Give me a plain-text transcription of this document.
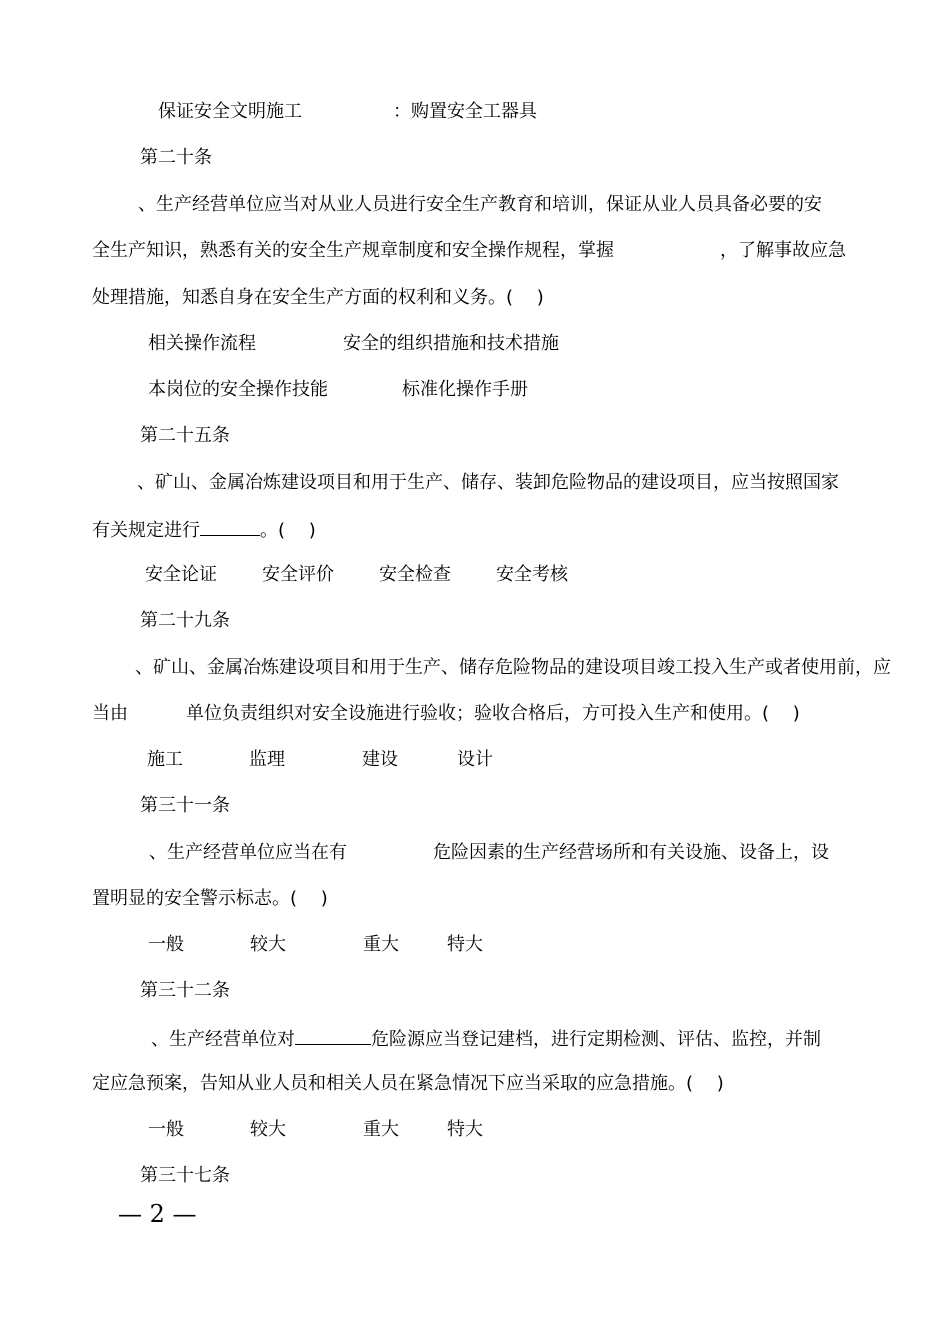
保证安全文明施工	：购置安全工器具
第二十条
、生产经营单位应当对从业人员进行安全生产教育和培训，保证从业人员具备必要的安
全生产知识，熟悉有关的安全生产规章制度和安全操作规程，掌握	，了解事故应急
处理措施，知悉自身在安全生产方面的权利和义务。(　 )
相关操作流程	安全的组织措施和技术措施
本岗位的安全操作技能	标准化操作手册
第二十五条
、矿山、金属冶炼建设项目和用于生产、储存、装卸危险物品的建设项目，应当按照国家
有关规定进行	。(　 )
安全论证	安全评价	安全检查	安全考核
第二十九条
、矿山、金属冶炼建设项目和用于生产、储存危险物品的建设项目竣工投入生产或者使用前，应
当由	单位负责组织对安全设施进行验收；验收合格后，方可投入生产和使用。(　 )
施工	监理	建设	设计
第三十一条
、生产经营单位应当在有	危险因素的生产经营场所和有关设施、设备上，设
置明显的安全警示标志。(　 )
一般	较大	重大	特大
第三十二条
、生产经营单位对	危险源应当登记建档，进行定期检测、评估、监控，并制
定应急预案，告知从业人员和相关人员在紧急情况下应当采取的应急措施。(　 )
一般	较大	重大	特大
第三十七条
— 2 —
